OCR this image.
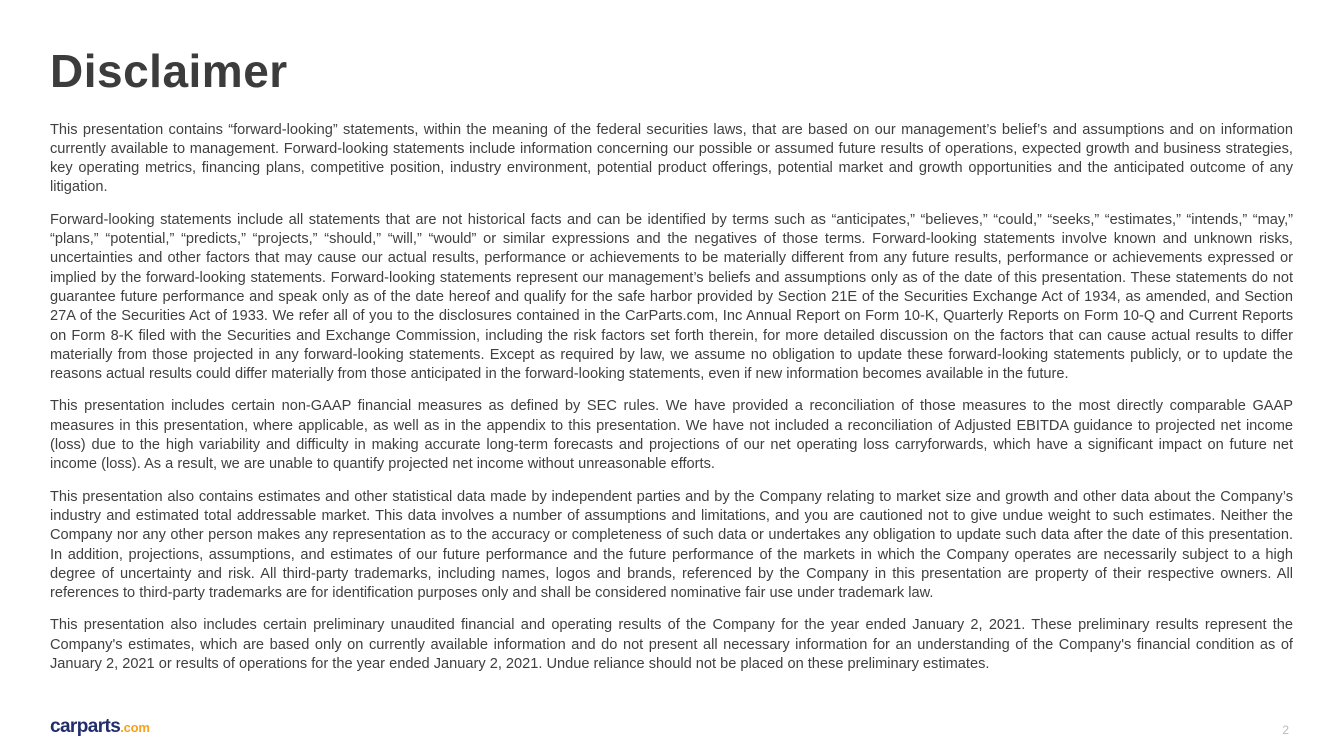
Disclaimer

This presentation contains “forward-looking” statements, within the meaning of the federal securities laws, that are based on our management’s belief’s and assumptions and on information currently available to management. Forward-looking statements include information concerning our possible or assumed future results of operations, expected growth and business strategies, key operating metrics, financing plans, competitive position, industry environment, potential product offerings, potential market and growth opportunities and the anticipated outcome of any litigation.

Forward-looking statements include all statements that are not historical facts and can be identified by terms such as “anticipates,” “believes,” “could,” “seeks,” “estimates,” “intends,” “may,” “plans,” “potential,” “predicts,” “projects,” “should,” “will,” “would” or similar expressions and the negatives of those terms. Forward-looking statements involve known and unknown risks, uncertainties and other factors that may cause our actual results, performance or achievements to be materially different from any future results, performance or achievements expressed or implied by the forward-looking statements. Forward-looking statements represent our management’s beliefs and assumptions only as of the date of this presentation. These statements do not guarantee future performance and speak only as of the date hereof and qualify for the safe harbor provided by Section 21E of the Securities Exchange Act of 1934, as amended, and Section 27A of the Securities Act of 1933. We refer all of you to the disclosures contained in the CarParts.com, Inc Annual Report on Form 10-K, Quarterly Reports on Form 10-Q and Current Reports on Form 8-K filed with the Securities and Exchange Commission, including the risk factors set forth therein, for more detailed discussion on the factors that can cause actual results to differ materially from those projected in any forward-looking statements. Except as required by law, we assume no obligation to update these forward-looking statements publicly, or to update the reasons actual results could differ materially from those anticipated in the forward-looking statements, even if new information becomes available in the future.

This presentation includes certain non-GAAP financial measures as defined by SEC rules. We have provided a reconciliation of those measures to the most directly comparable GAAP measures in this presentation, where applicable, as well as in the appendix to this presentation. We have not included a reconciliation of Adjusted EBITDA guidance to projected net income (loss) due to the high variability and difficulty in making accurate long-term forecasts and projections of our net operating loss carryforwards, which have a significant impact on future net income (loss). As a result, we are unable to quantify projected net income without unreasonable efforts.

This presentation also contains estimates and other statistical data made by independent parties and by the Company relating to market size and growth and other data about the Company’s industry and estimated total addressable market. This data involves a number of assumptions and limitations, and you are cautioned not to give undue weight to such estimates. Neither the Company nor any other person makes any representation as to the accuracy or completeness of such data or undertakes any obligation to update such data after the date of this presentation. In addition, projections, assumptions, and estimates of our future performance and the future performance of the markets in which the Company operates are necessarily subject to a high degree of uncertainty and risk. All third-party trademarks, including names, logos and brands, referenced by the Company in this presentation are property of their respective owners. All references to third-party trademarks are for identification purposes only and shall be considered nominative fair use under trademark law.

This presentation also includes certain preliminary unaudited financial and operating results of the Company for the year ended January 2, 2021. These preliminary results represent the Company's estimates, which are based only on currently available information and do not present all necessary information for an understanding of the Company's financial condition as of January 2, 2021 or results of operations for the year ended January 2, 2021. Undue reliance should not be placed on these preliminary estimates.

carparts.com	2
